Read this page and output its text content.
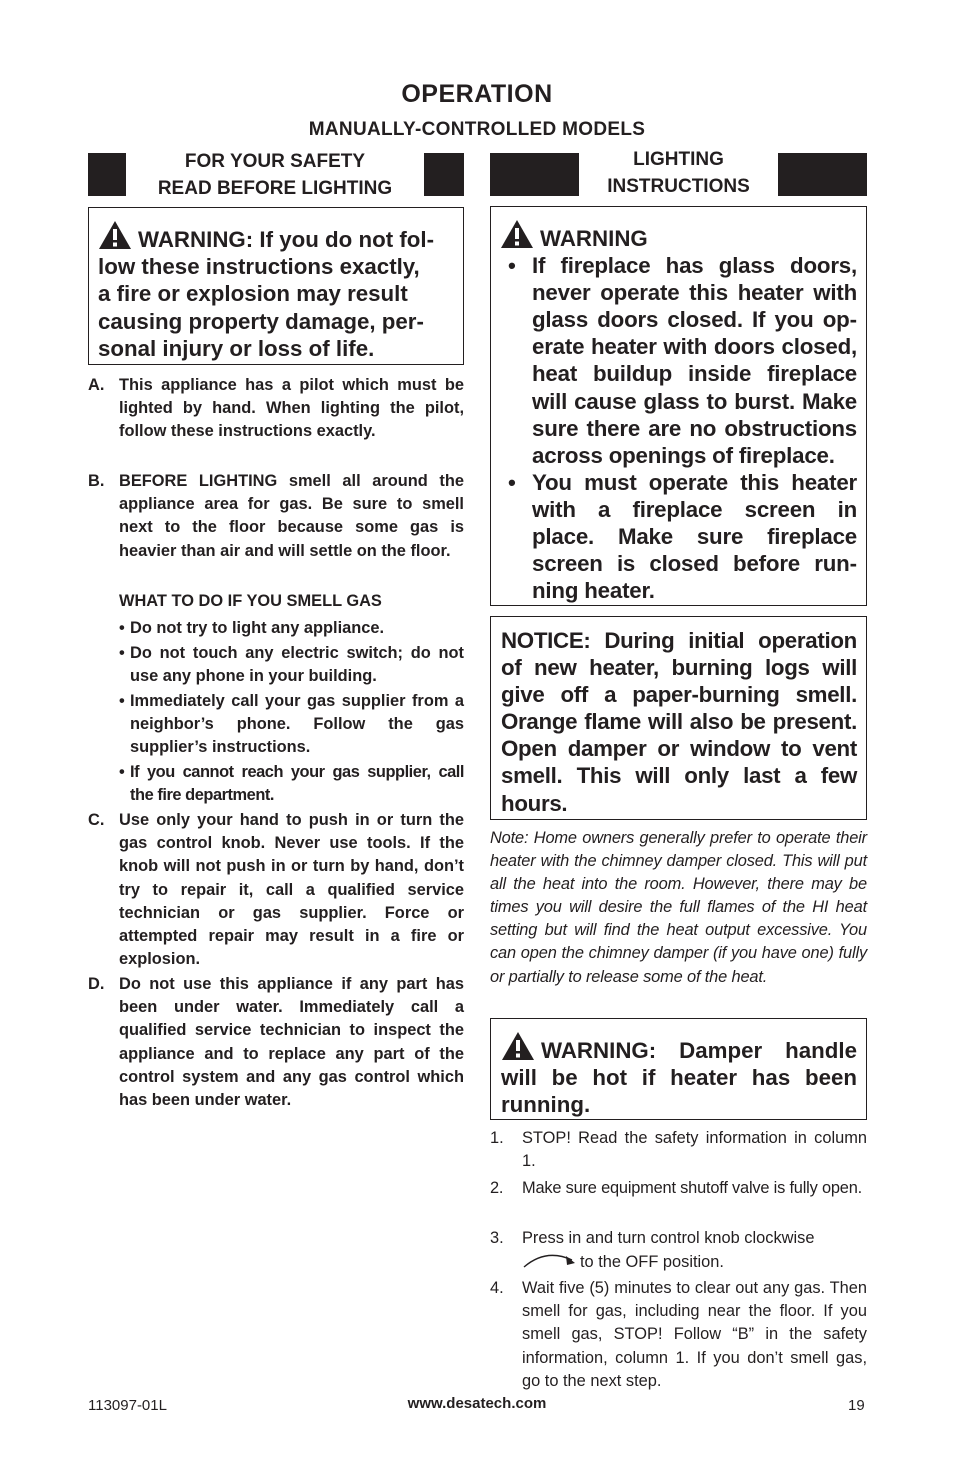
OPERATION
MANUALLY-CONTROLLED MODELS
FOR YOUR SAFETY
READ BEFORE LIGHTING
LIGHTING
INSTRUCTIONS
WARNING: If you do not fol-
low these instructions exactly,
a fire or explosion may result
causing property damage, per-
sonal injury or loss of life.
A. This appliance has a pilot which must be lighted by hand. When lighting the pilot, follow these instructions exactly.
B. BEFORE LIGHTING smell all around the appliance area for gas. Be sure to smell next to the floor because some gas is heavier than air and will settle on the floor.
WHAT TO DO IF YOU SMELL GAS
• Do not try to light any appliance.
• Do not touch any electric switch; do not use any phone in your building.
• Immediately call your gas supplier from a neighbor’s phone. Follow the gas supplier’s instructions.
• If you cannot reach your gas supplier, call the fire department.
C. Use only your hand to push in or turn the gas control knob. Never use tools. If the knob will not push in or turn by hand, don’t try to repair it, call a qualified service technician or gas supplier. Force or attempted repair may result in a fire or explosion.
D. Do not use this appliance if any part has been under water. Immediately call a qualified service technician to inspect the appliance and to replace any part of the control system and any gas control which has been under water.
WARNING
• If fireplace has glass doors, never operate this heater with glass doors closed. If you operate heater with doors closed, heat buildup inside fireplace will cause glass to burst. Make sure there are no obstructions across openings of fireplace.
• You must operate this heater with a fireplace screen in place. Make sure fireplace screen is closed before running heater.
NOTICE: During initial operation of new heater, burning logs will give off a paper-burning smell. Orange flame will also be present. Open damper or window to vent smell. This will only last a few hours.
Note: Home owners generally prefer to operate their heater with the chimney damper closed. This will put all the heat into the room. However, there may be times you will desire the full flames of the HI heat setting but will find the heat output excessive. You can open the chimney damper (if you have one) fully or partially to release some of the heat.
WARNING: Damper handle will be hot if heater has been running.
1. STOP! Read the safety information in column 1.
2. Make sure equipment shutoff valve is fully open.
3. Press in and turn control knob clockwise
to the OFF position.
4. Wait five (5) minutes to clear out any gas. Then smell for gas, including near the floor. If you smell gas, STOP! Follow “B” in the safety information, column 1. If you don’t smell gas, go to the next step.
113097-01L	www.desatech.com	19
